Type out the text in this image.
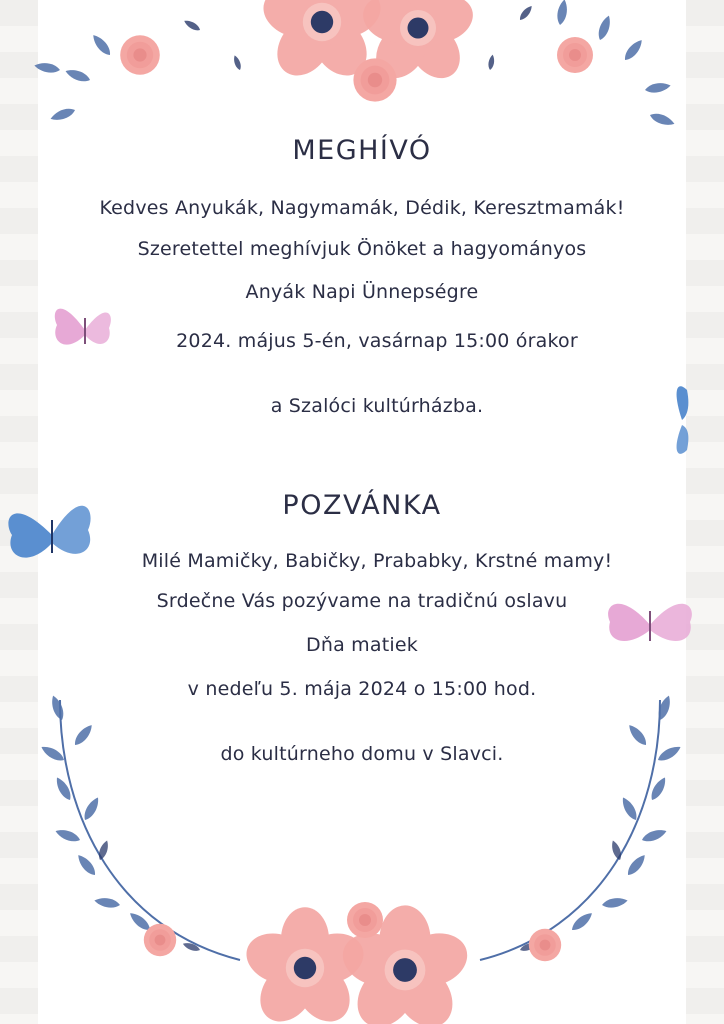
MEGHÍVÓ
Kedves Anyukák, Nagymamák, Dédik, Keresztmamák!
Szeretettel meghívjuk Önöket a hagyományos
Anyák Napi Ünnepségre
2024. május 5-én, vasárnap 15:00 órakor
a Szalóci kultúrházba.
POZVÁNKA
Milé Mamičky, Babičky, Prababky, Krstné mamy!
Srdečne Vás pozývame na tradičnú oslavu
Dňa matiek
v nedeľu 5. mája 2024 o 15:00 hod.
do kultúrneho domu v Slavci.
